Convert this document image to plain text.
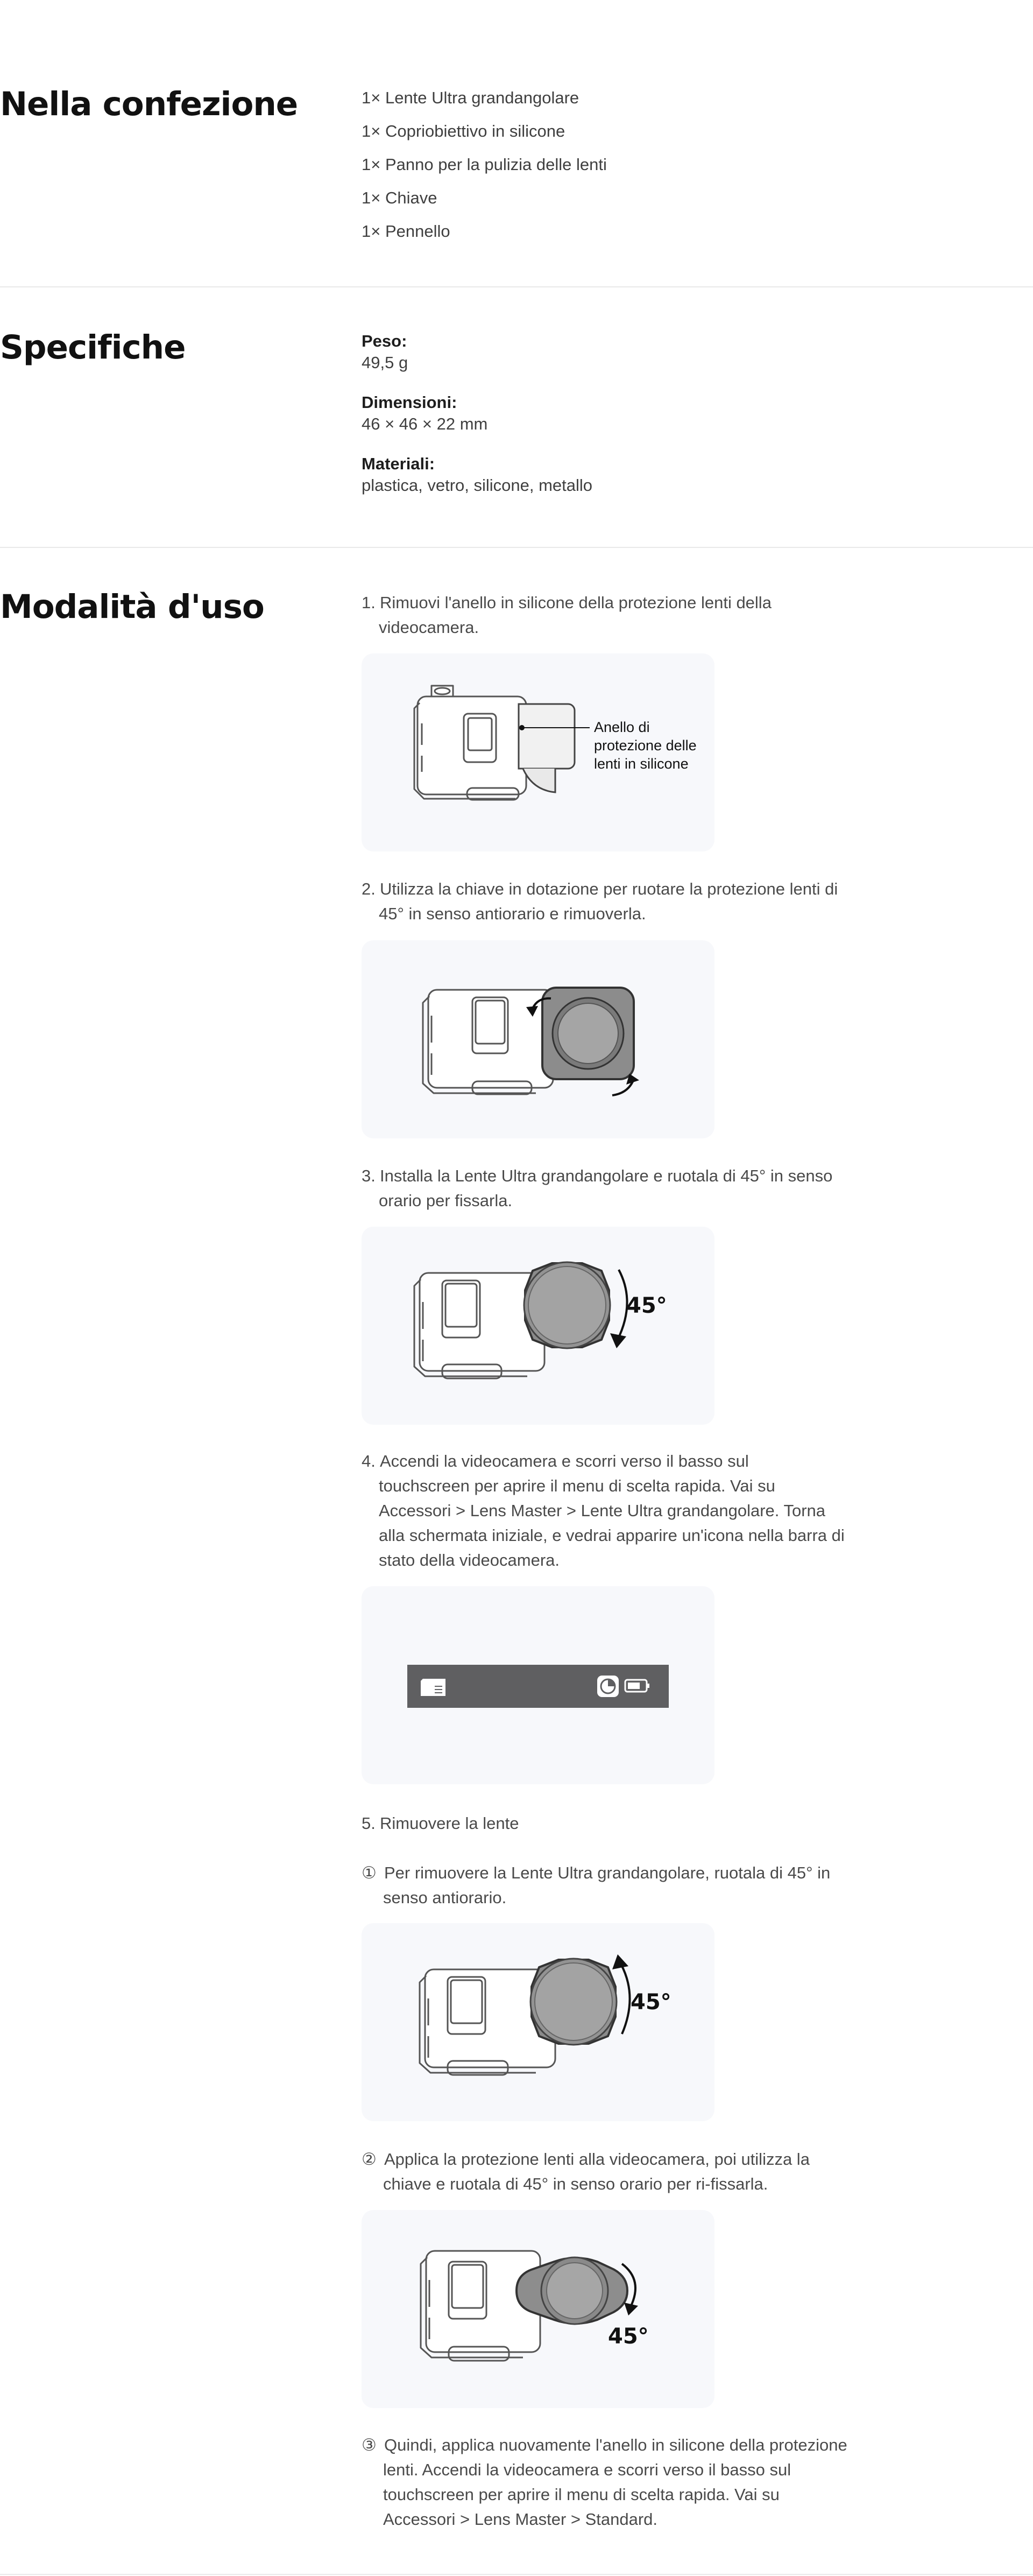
Nella confezione	1× Lente Ultra grandangolare
1× Copriobiettivo in silicone
1× Panno per la pulizia delle lenti
1× Chiave
1× Pennello
Specifiche	Peso:
49,5 g
Dimensioni:
46 × 46 × 22 mm
Materiali:
plastica, vetro, silicone, metallo
Modalità d'uso	1. Rimuovi l'anello in silicone della protezione lenti della
videocamera.
Anello di
protezione delle
lenti in silicone
2. Utilizza la chiave in dotazione per ruotare la protezione lenti di
45° in senso antiorario e rimuoverla.
3. Installa la Lente Ultra grandangolare e ruotala di 45° in senso
orario per fissarla.
45°
4. Accendi la videocamera e scorri verso il basso sul
touchscreen per aprire il menu di scelta rapida. Vai su
Accessori > Lens Master > Lente Ultra grandangolare. Torna
alla schermata iniziale, e vedrai apparire un'icona nella barra di
stato della videocamera.
5. Rimuovere la lente
① Per rimuovere la Lente Ultra grandangolare, ruotala di 45° in
senso antiorario.
45°
② Applica la protezione lenti alla videocamera, poi utilizza la
chiave e ruotala di 45° in senso orario per ri-fissarla.
45°
③ Quindi, applica nuovamente l'anello in silicone della protezione
lenti. Accendi la videocamera e scorri verso il basso sul
touchscreen per aprire il menu di scelta rapida. Vai su
Accessori > Lens Master > Standard.
